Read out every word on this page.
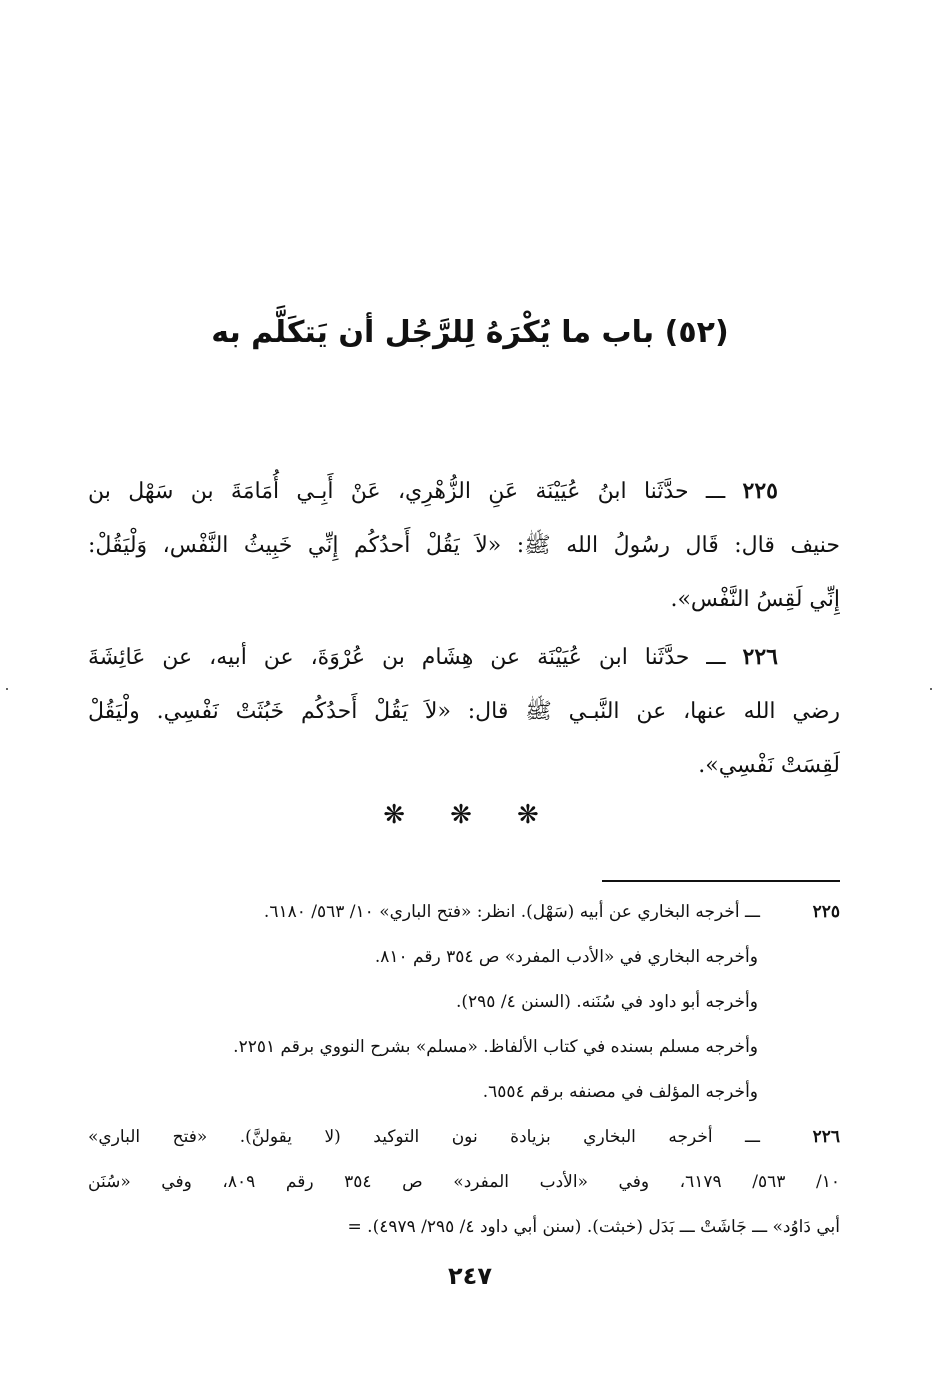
(٥٢) باب ما يُكْرَهُ لِلرَّجُل أن يَتكَلَّم به
٢٢٥ ـــ حدَّثَنا ابنُ عُيَيْنَة عَنِ الزُّهْرِي، عَنْ أَبِـي أُمَامَةَ بن سَهْل بن
حنيف قال: قَال رسُولُ الله ﷺ: «لاَ يَقُلْ أَحدُكُم إِنِّي خَبِيثُ النَّفْس، وَلْيَقُلْ:
إِنِّي لَقِسُ النَّفْس».
٢٢٦ ـــ حدَّثَنا ابن عُيَيْنَة عن هِشَام بن عُرْوَةَ، عن أبيه، عن عَائِشَةَ
رضي الله عنها، عن النَّبـي ﷺ قال: «لاَ يَقُلْ أَحدُكُم خَبُثَتْ نَفْسِي. ولْيَقُلْ
لَقِسَتْ نَفْسِي».
❋ ❋ ❋
٢٢٥ـــ أخرجه البخاري عن أبيه (سَهْل). انظر: «فتح الباري» ١٠/ ٥٦٣/ ٦١٨٠.
وأخرجه البخاري في «الأدب المفرد» ص ٣٥٤ رقم ٨١٠.
وأخرجه أبو داود في سُنَنه. (السنن ٤/ ٢٩٥).
وأخرجه مسلم بسنده في كتاب الألفاظ. «مسلم» بشرح النووي برقم ٢٢٥١.
وأخرجه المؤلف في مصنفه برقم ٦٥٥٤.
٢٢٦ـــ أخرجه البخاري بزيادة نون التوكيد (لا يقولنَّ). «فتح الباري»
١٠/ ٥٦٣/ ٦١٧٩، وفي «الأدب المفرد» ص ٣٥٤ رقم ٨٠٩، وفي «سُنَن
أبي دَاوُد» ـــ جَاشَتْ ـــ بَدَل (خبثت). (سنن أبي داود ٤/ ٢٩٥/ ٤٩٧٩). =
٢٤٧
